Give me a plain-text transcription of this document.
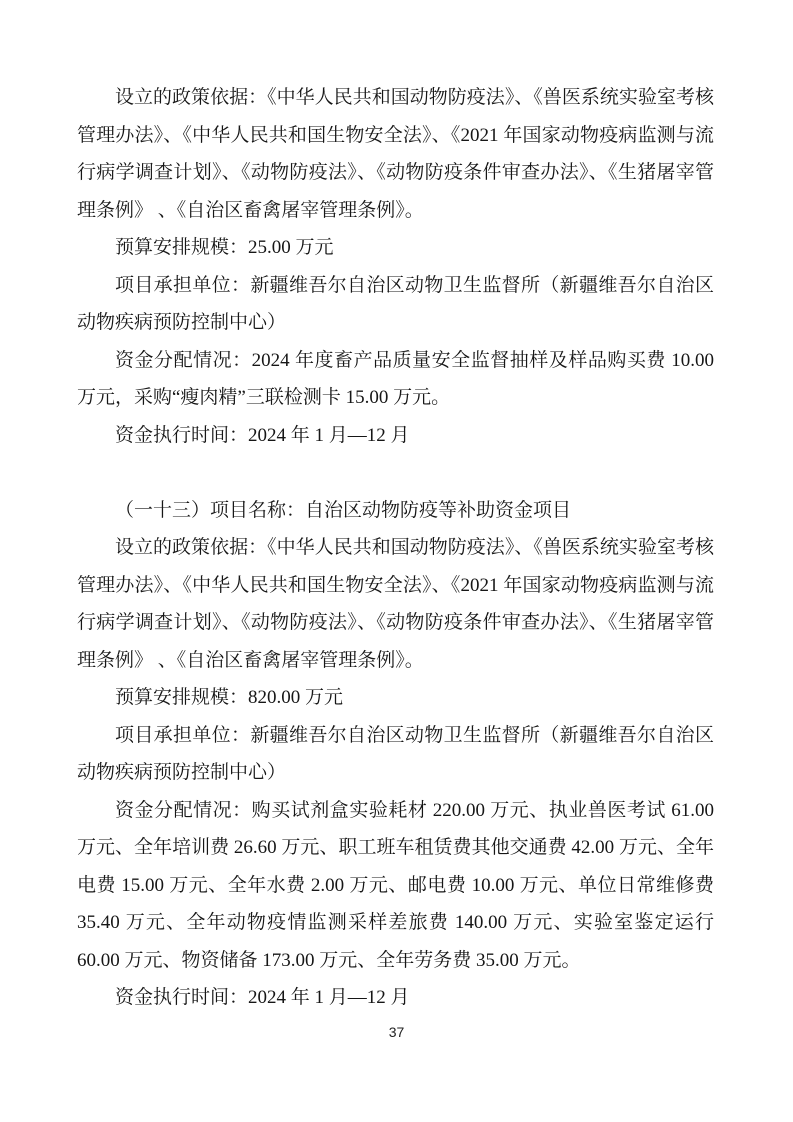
设立的政策依据：《中华人民共和国动物防疫法》、《兽医系统实验室考核管理办法》、《中华人民共和国生物安全法》、《2021 年国家动物疫病监测与流行病学调查计划》、《动物防疫法》、《动物防疫条件审查办法》、《生猪屠宰管理条例》 、《自治区畜禽屠宰管理条例》。

预算安排规模：25.00 万元

项目承担单位：新疆维吾尔自治区动物卫生监督所（新疆维吾尔自治区动物疾病预防控制中心）

资金分配情况：2024 年度畜产品质量安全监督抽样及样品购买费 10.00 万元，采购“瘦肉精”三联检测卡 15.00 万元。

资金执行时间：2024 年 1 月—12 月

（一十三）项目名称：自治区动物防疫等补助资金项目

设立的政策依据：《中华人民共和国动物防疫法》、《兽医系统实验室考核管理办法》、《中华人民共和国生物安全法》、《2021 年国家动物疫病监测与流行病学调查计划》、《动物防疫法》、《动物防疫条件审查办法》、《生猪屠宰管理条例》 、《自治区畜禽屠宰管理条例》。

预算安排规模：820.00 万元

项目承担单位：新疆维吾尔自治区动物卫生监督所（新疆维吾尔自治区动物疾病预防控制中心）

资金分配情况：购买试剂盒实验耗材 220.00 万元、执业兽医考试 61.00 万元、全年培训费 26.60 万元、职工班车租赁费其他交通费 42.00 万元、全年电费 15.00 万元、全年水费 2.00 万元、邮电费 10.00 万元、单位日常维修费 35.40 万元、全年动物疫情监测采样差旅费 140.00 万元、实验室鉴定运行 60.00 万元、物资储备 173.00 万元、全年劳务费 35.00 万元。

资金执行时间：2024 年 1 月—12 月

37
